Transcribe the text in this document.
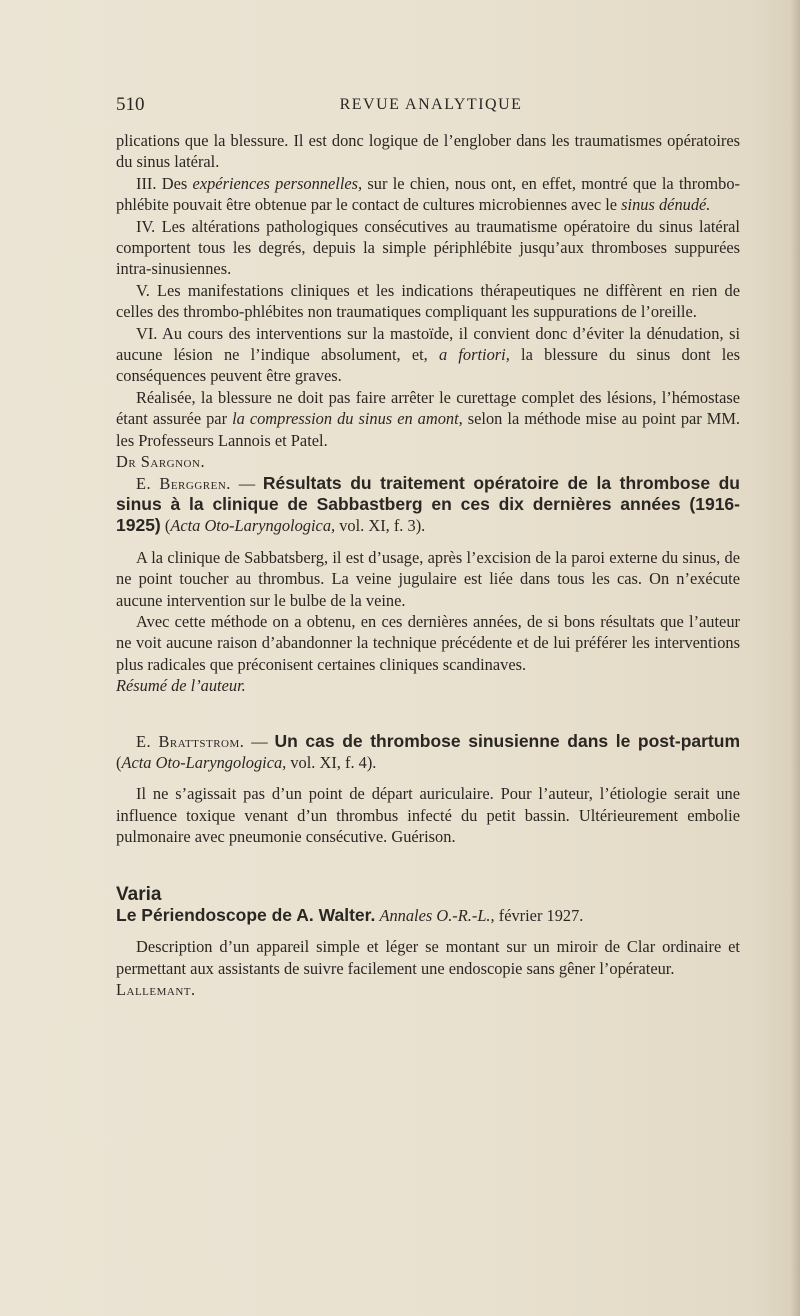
510	REVUE ANALYTIQUE

plications que la blessure. Il est donc logique de l’englober dans les traumatismes opératoires du sinus latéral.

III. Des expériences personnelles, sur le chien, nous ont, en effet, montré que la thrombo-phlébite pouvait être obtenue par le contact de cultures microbiennes avec le sinus dénudé.

IV. Les altérations pathologiques consécutives au traumatisme opératoire du sinus latéral comportent tous les degrés, depuis la simple périphlébite jusqu’aux thromboses suppurées intra-sinusiennes.

V. Les manifestations cliniques et les indications thérapeutiques ne diffèrent en rien de celles des thrombo-phlébites non traumatiques compliquant les suppurations de l’oreille.

VI. Au cours des interventions sur la mastoïde, il convient donc d’éviter la dénudation, si aucune lésion ne l’indique absolument, et, a fortiori, la blessure du sinus dont les conséquences peuvent être graves.

Réalisée, la blessure ne doit pas faire arrêter le curettage complet des lésions, l’hémostase étant assurée par la compression du sinus en amont, selon la méthode mise au point par MM. les Professeurs Lannois et Patel.

Dr Sargnon.

E. Berggren. — Résultats du traitement opératoire de la thrombose du sinus à la clinique de Sabbastberg en ces dix dernières années (1916-1925) (Acta Oto-Laryngologica, vol. XI, f. 3).

A la clinique de Sabbatsberg, il est d’usage, après l’excision de la paroi externe du sinus, de ne point toucher au thrombus. La veine jugulaire est liée dans tous les cas. On n’exécute aucune intervention sur le bulbe de la veine.

Avec cette méthode on a obtenu, en ces dernières années, de si bons résultats que l’auteur ne voit aucune raison d’abandonner la technique précédente et de lui préférer les interventions plus radicales que préconisent certaines cliniques scandinaves.

Résumé de l’auteur.

E. Brattstrom. — Un cas de thrombose sinusienne dans le post-partum (Acta Oto-Laryngologica, vol. XI, f. 4).

Il ne s’agissait pas d’un point de départ auriculaire. Pour l’auteur, l’étiologie serait une influence toxique venant d’un thrombus infecté du petit bassin. Ultérieurement embolie pulmonaire avec pneumonie consécutive. Guérison.

Varia

Le Périendoscope de A. Walter. Annales O.-R.-L., février 1927.

Description d’un appareil simple et léger se montant sur un miroir de Clar ordinaire et permettant aux assistants de suivre facilement une endoscopie sans gêner l’opérateur.

Lallemant.
